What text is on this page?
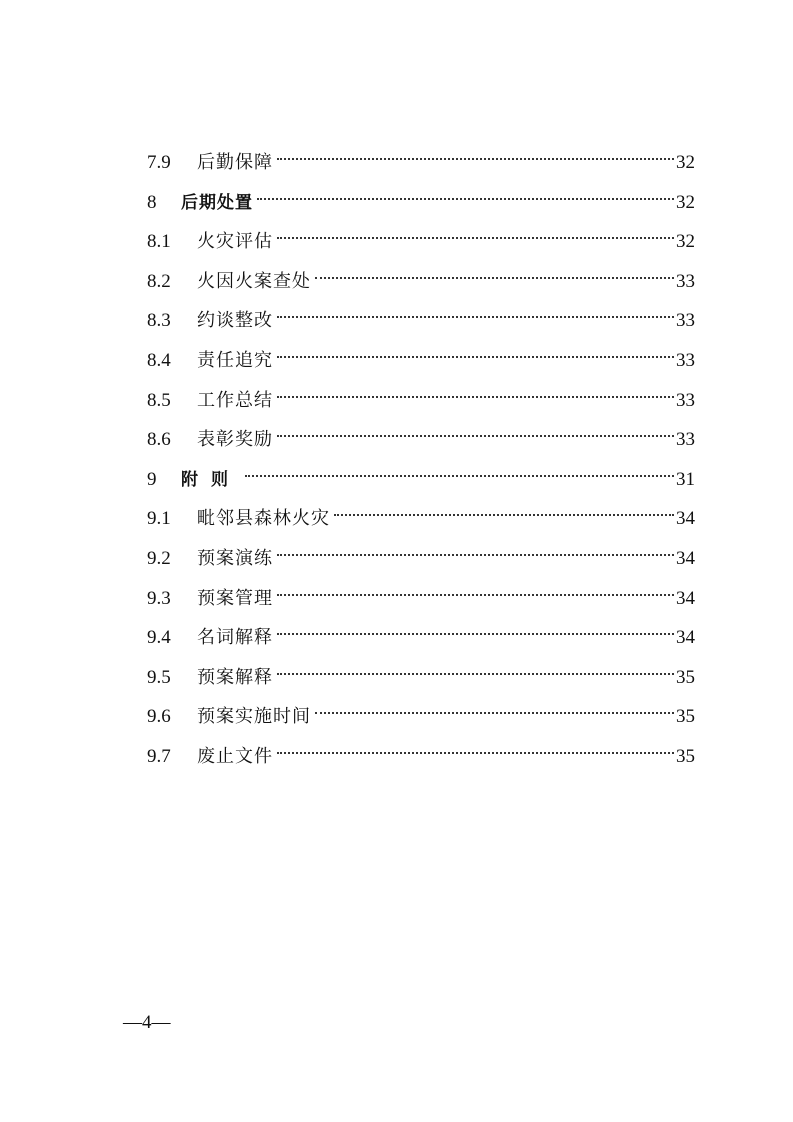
7.9	后勤保障	32
8	后期处置	32
8.1	火灾评估	32
8.2	火因火案查处	33
8.3	约谈整改	33
8.4	责任追究	33
8.5	工作总结	33
8.6	表彰奖励	33
9	附则	31
9.1	毗邻县森林火灾	34
9.2	预案演练	34
9.3	预案管理	34
9.4	名词解释	34
9.5	预案解释	35
9.6	预案实施时间	35
9.7	废止文件	35
—4—
